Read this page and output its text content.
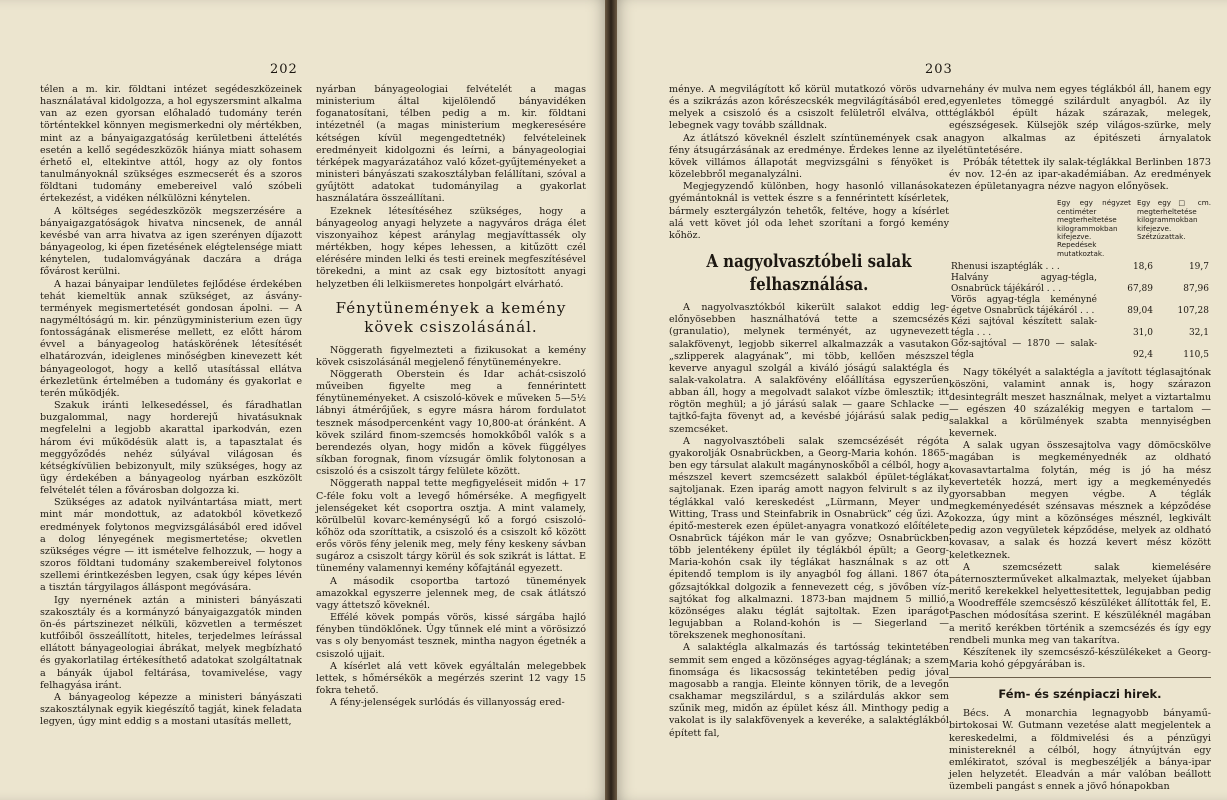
202

télen a m. kir. földtani intézet segédeszközeinek használatával kidolgozza, a hol egyszersmint alkalma van az ezen gyorsan előhaladó tudomány terén történtekkel könnyen megismerkedni oly mértékben, mint az a bányaigazgatóság kerületbeni áttelétés esetén a kellő segédeszközök hiánya miatt sohasem érhető el, eltekintve attól, hogy az oly fontos tanulmányoknál szükséges eszmecserét és a szoros földtani tudomány emebereivel való szóbeli értekezést, a vidéken nélkülözni kénytelen.

A költséges segédeszközök megszerzésére a bányaigazgatóságok hivatva nincsenek, de annál kevésbé van arra hivatva az igen szerényen díjazott bányageolog, ki épen fizetésének elégtelensége miatt kénytelen, tudalomvágyának daczára a drága fővárost kerülni.

A hazai bányaipar lendületes fejlődése érdekében tehát kiemeltük annak szükséget, az ásvány-termények megismertetését gondosan ápolni. — A nagyméltóságú m. kir. pénzügyministerium ezen ügy fontosságának elismerése mellett, ez előtt három évvel a bányageolog hatáskörének létesítését elhatározván, ideiglenes minőségben kinevezett két bányageologot, hogy a kellő utasítással ellátva érkezletünk értelmében a tudomány és gyakorlat e terén működjék.

Szakuk iránti lelkesedéssel, és fáradhatlan buzgalommal, nagy horderejű hivatásuknak megfelelni a legjobb akarattal iparkodván, ezen három évi működésük alatt is, a tapasztalat és meggyőződés nehéz súlyával világosan és kétségkívülien bebizonyult, mily szükséges, hogy az ügy érdekében a bányageolog nyárban eszközölt felvételét télen a fővárosban dolgozza ki.

Szükséges az adatok nyilvántartása miatt, mert mint már mondottuk, az adatokból következő eredmények folytonos megvizsgálásából ered idővel a dolog lényegének megismertetése; okvetlen szükséges végre — itt ismételve felhozzuk, — hogy a szoros földtani tudomány szakembereivel folytonos szellemi érintkezésben legyen, csak úgy képes lévén a tisztán tárgyilagos álláspont megóvására.

Igy nyernének aztán a ministeri bányászati szakosztály és a kormányzó bányaigazgatók minden ön-és pártszinezet nélküli, közvetlen a természet kutfőiből összeállított, hiteles, terjedelmes leírással ellátott bányageologiai ábrákat, melyek megbízható és gyakorlatilag értékesíthető adatokat szolgáltatnak a bányák újabol feltárása, tovamivelése, vagy felhagyása iránt.

A bányageolog képezze a ministeri bányászati szakosztálynak egyik kiegészítő tagját, kinek feladata legyen, úgy mint eddig s a mostani utasítás mellett,

nyárban bányageologiai felvételét a magas ministerium által kijelölendő bányavidéken foganatosítani, télben pedig a m. kir. földtani intézetnél (a magas ministerium megkeresésére kétségen kívül megengedtetnék) felvételeinek eredményeit kidolgozni és leírni, a bányageologiai térképek magyarázatához való kőzet-gyűjteményeket a ministeri bányászati szakosztályban felállítani, szóval a gyűjtött adatokat tudományilag a gyakorlat használatára összeállítani.

Ezeknek létesítéséhez szükséges, hogy a bányageolog anyagi helyzete a nagyváros drága élet viszonyaihoz képest aránylag megjavíttassék oly mértékben, hogy képes lehessen, a kitűzött czél elérésére minden lelki és testi ereinek megfeszítésével törekedni, a mint az csak egy biztosított anyagi helyzetben éli lelkiismeretes honpolgárt elvárható.

Fénytünemények a kemény kövek csiszolásánál.

Nöggerath figyelmezteti a fizikusokat a kemény kövek csiszolásánál megjelenő fénytüneményekre.

Nöggerath Oberstein és Idar achát-csiszoló műveiben figyelte meg a fennérintett fénytüneményeket. A csiszoló-kövek e műveken 5—5½ lábnyi átmérőjűek, s egyre másra három fordulatot tesznek másodpercenként vagy 10,800-at óránként. A kövek szilárd finom-szemcsés homokkőből valók s a berendezés olyan, hogy midőn a kövek függélyes síkban forognak, finom vízsugár ömlik folytonosan a csiszoló és a csiszolt tárgy felülete között.

Nöggerath nappal tette megfigyeléseit midőn + 17 C-féle foku volt a levegő hőmérséke. A megfigyelt jelenségeket két csoportra osztja. A mint valamely, körülbelül kovarc-keménységű kő a forgó csiszoló-kőhöz oda szoríttatik, a csiszoló és a csiszolt kő között erős vörös fény jelenik meg, mely fény keskeny sávban sugároz a csiszolt tárgy körül és sok szikrát is láttat. E tünemény valamennyi kemény kőfajtánál egyezett.

A második csoportba tartozó tünemények amazokkal egyszerre jelennek meg, de csak átlátszó vagy áttetsző köveknél.

Effélé kövek pompás vörös, kissé sárgába hajló fényben tündöklőnek. Úgy tűnnek elé mint a vörösizzó vas s oly benyomást tesznek, mintha nagyon égetnék a csiszoló ujjait.

A kísérlet alá vett kövek egyáltalán melegebbek lettek, s hőmérsékök a megérzés szerint 12 vagy 15 fokra tehető.

A fény-jelenségek surlódás és villanyosság ered-

203

ménye. A megvilágított kő körül mutatkozó vörös udvar és a szikrázás azon kőrészecskék megvilágításából ered, melyek a csiszoló és a csiszolt felületről elválva, ott lebegnek vagy tovább szálldnak.

Az átlátszó köveknél észlelt színtünemények csak a fény átsugárzásának az eredménye. Érdekes lenne az ily kövek villámos állapotát megvizsgálni s fényöket is közelebbről meganalyzálni.

Megjegyzendő különben, hogy hasonló villanásokat gyémántoknál is vettek észre s a fennérintett kísérletek, bármely esztergályzón tehetők, feltéve, hogy a kísérlet alá vett követ jól oda lehet szorítani a forgó kemény kőhöz.

A nagyolvasztóbeli salak felhasználása.

A nagyolvasztókból kikerült salakot eddig legelőnyösebben használhatóvá tette a szemcsézés (granulatio), melynek terményét, az ugynevezett salakfövenyt, legjobb sikerrel alkalmazzák a vasutakon „szlipperek alagyának”, mi több, kellően mészszel keverve anyagul szolgál a kiváló jóságú salaktégla és salak-vakolatra. A salakfövény előállítása egyszerűen abban áll, hogy a megolvadt salakot vízbe ömlesztik; itt rögtön meghül; a jó járású salak — gaare Schlacke — tajtkő-fajta fövenyt ad, a kevésbé jójárású salak pedig szemcséket.

A nagyolvasztóbeli salak szemcsézését régóta gyakorolják Osnabrückben, a Georg-Maria kohón. 1865-ben egy társulat alakult magánynoskőből a célból, hogy a mészszel kevert szemcsézett salakból épület-téglákat sajtoljanak. Ezen iparág amott nagyon felvirult s az ily téglákkal való kereskedést „Lürmann, Meyer und Witting, Trass und Steinfabrik in Osnabrück” cég űzi. Az épitő-mesterek ezen épület-anyagra vonatkozó előítélete Osnabrück tájékon már le van győzve; Osnabrückben több jelentékeny épület ily téglákból épült; a Georg-Maria-kohón csak ily téglákat használnak s az ott épitendő templom is ily anyagból fog állani. 1867 óta gőzsajtókkal dolgozik a fennevezett cég, s jövőben víz-sajtókat fog alkalmazni. 1873-ban majdnem 5 millió, közönséges alaku téglát sajtoltak. Ezen iparágot legujabban a Roland-kohón is — Siegerland — törekszenek meghonosítani.

A salaktégla alkalmazás és tartósság tekintetében semmit sem enged a közönséges agyag-téglának; a szem finomsága és likacsosság tekintetében pedig jóval magosabb a rangja. Eleinte könnyen törik, de a levegőn csakhamar megszilárdul, s a szilárdulás akkor sem szűnik meg, midőn az épület kész áll. Minthogy pedig a vakolat is ily salakfövenyek a keveréke, a salaktéglákból épített fal,

nehány év mulva nem egyes téglákból áll, hanem egy egyenletes tömeggé szilárdult anyagból. Az ily téglákból épült házak szárazak, melegek, egészségesek. Külsejök szép világos-szürke, mely nagyon alkalmas az épitészeti árnyalatok elétüntetésére.

Próbák tétettek ily salak-téglákkal Berlinben 1873 év nov. 12-én az ipar-akadémiában. Az eredmények ezen épületanyagra nézve nagyon előnyösek.

Egy egy négyzet centiméter megterheltetése kilogrammokban kifejezve. Repedések mutatkoztak.
Egy egy □ cm. megterheltetése kilogrammokban kifejezve. Szétzúzattak.
Rhenusi iszaptéglák . . .	18,6	19,7
Halvány agyag-tégla, Osnabrück tájékáról . . .	67,89	87,96
Vörös agyag-tégla keményné égetve Osnabrück tájékáról . . .	89,04	107,28
Kézi sajtóval készített salak-tégla . . .	31,0	32,1
Gőz-sajtóval — 1870 — salak-tégla	92,4	110,5

Nagy tökélyét a salaktégla a javított téglasajtónak köszöni, valamint annak is, hogy szárazon desintegrált meszet használnak, melyet a viztartalmu — egészen 40 százalékig megyen e tartalom — salakkal a körülmények szabta mennyiségben kevernek.

A salak ugyan összesajtolva vagy dömöcskölve magában is megkeményednék az oldható kovasavtartalma folytán, még is jó ha mész keverteték hozzá, mert igy a megkeményedés gyorsabban megyen végbe. A téglák megkeményedését szénsavas mésznek a képződése okozza, úgy mint a közönséges mésznél, legkivált pedig azon vegyületek képződése, melyek az oldható kovasav, a salak és hozzá kevert mész között keletkeznek.

A szemcsézett salak kiemelésére páternoszterműveket alkalmaztak, melyeket újabban meritő kerekekkel helyettesitettek, legujabban pedig a Woodrefféle szemcsésző készüléket állították fel, E. Paschen módosítása szerint. E készüléknél magában a meritő kerékben történik a szemcsézés és így egy rendbeli munka meg van takarítva.

Készítenek ily szemcsésző-készülékeket a Georg-Maria kohó gépgyárában is.

Fém- és szénpiaczi hirek.

Bécs. A monarchia legnagyobb bányamű-birtokosai W. Gutmann vezetése alatt megjelentek a kereskedelmi, a földmivelési és a pénzügyi ministereknél a célból, hogy átnyújtván egy emlékiratot, szóval is megbeszéljék a bánya-ipar jelen helyzetét. Eleadván a már valóban beállott üzembeli pangást s ennek a jövő hónapokban
